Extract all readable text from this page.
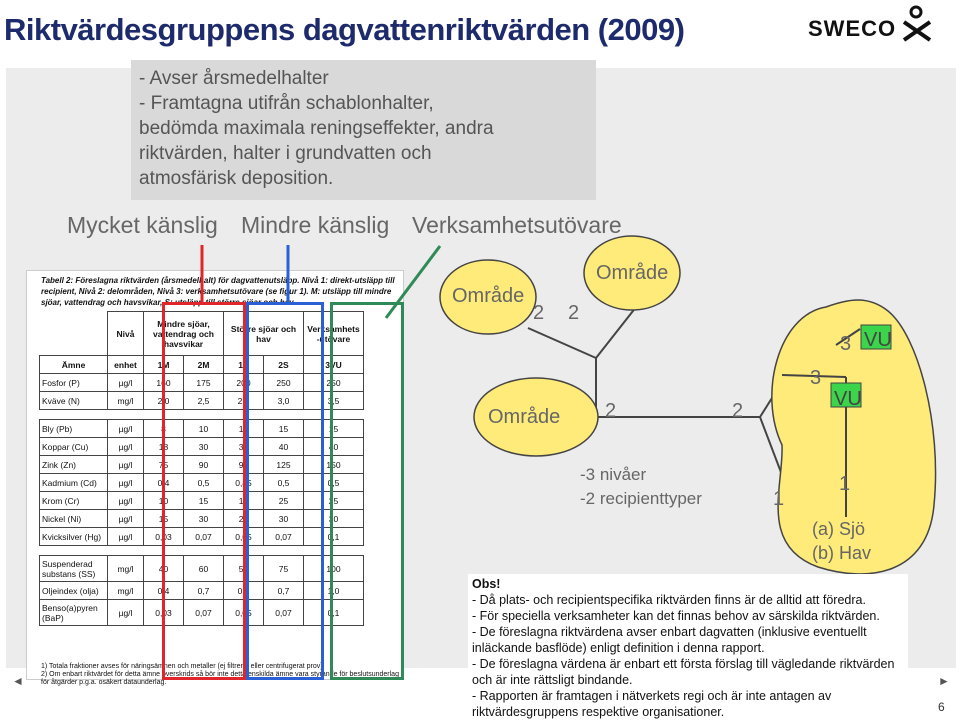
Riktvärdesgruppens dagvattenriktvärden (2009)	SWECO
- Avser årsmedelhalter
- Framtagna utifrån schablonhalter,
bedömda maximala reningseffekter, andra
riktvärden, halter i grundvatten och
atmosfärisk deposition.
Mycket känslig Mindre känslig Verksamhetsutövare
Tabell 2: Föreslagna riktvärden (årsmedelhalt) för dagvattenutsläpp. Nivå 1: direkt-utsläpp till recipient, Nivå 2: delområden, Nivå 3: verksamhetsutövare (se figur 1). M: utsläpp till mindre sjöar, vattendrag och havsvikar, S: utsläpp till större sjöar och hav
	Nivå	Mindre sjöar, vattendrag och havsvikar		Större sjöar och hav		Verksamhets -utövare
Ämne	enhet	1M	2M	1S	2S	3VU
Fosfor (P)	µg/l	160	175	200	250	250
Kväve (N)	mg/l	2,0	2,5	2,5	3,0	3,5

Bly (Pb)	µg/l	8	10	10	15	15
Koppar (Cu)	µg/l	18	30	30	40	40
Zink (Zn)	µg/l	75	90	90	125	150
Kadmium (Cd)	µg/l	0,4	0,5	0,45	0,5	0,5
Krom (Cr)	µg/l	10	15	15	25	25
Nickel (Ni)	µg/l	15	30	20	30	30
Kvicksilver (Hg)	µg/l	0,03	0,07	0,05	0,07	0,1

Suspenderad substans (SS)	mg/l	40	60	50	75	100
Oljeindex (olja)	mg/l	0,4	0,7	0,5	0,7	1,0
Benso(a)pyren (BaP)	µg/l	0,03	0,07	0,05	0,07	0,1
1) Totala fraktioner avses för näringsämnen och metaller (ej filtrerat eller centrifugerat prov).
2) Om enbart riktvärdet för detta ämne överskrids så bör inte detta enskilda ämne vara styrande för beslutsunderlag för åtgärder p.g.a. osäkert dataunderlag.
Område
Område
Område
2 2
2	2
3
3
VU
VU
1
1
-3 nivåer
-2 recipienttyper
(a) Sjö
(b) Hav
Obs!
- Då plats- och recipientspecifika riktvärden finns är de alltid att föredra.
- För speciella verksamheter kan det finnas behov av särskilda riktvärden.
- De föreslagna riktvärdena avser enbart dagvatten (inklusive eventuellt inläckande basflöde) enligt definition i denna rapport.
- De föreslagna värdena är enbart ett första förslag till vägledande riktvärden och är inte rättsligt bindande.
- Rapporten är framtagen i nätverkets regi och är inte antagen av riktvärdesgruppens respektive organisationer.
◄	►
6
